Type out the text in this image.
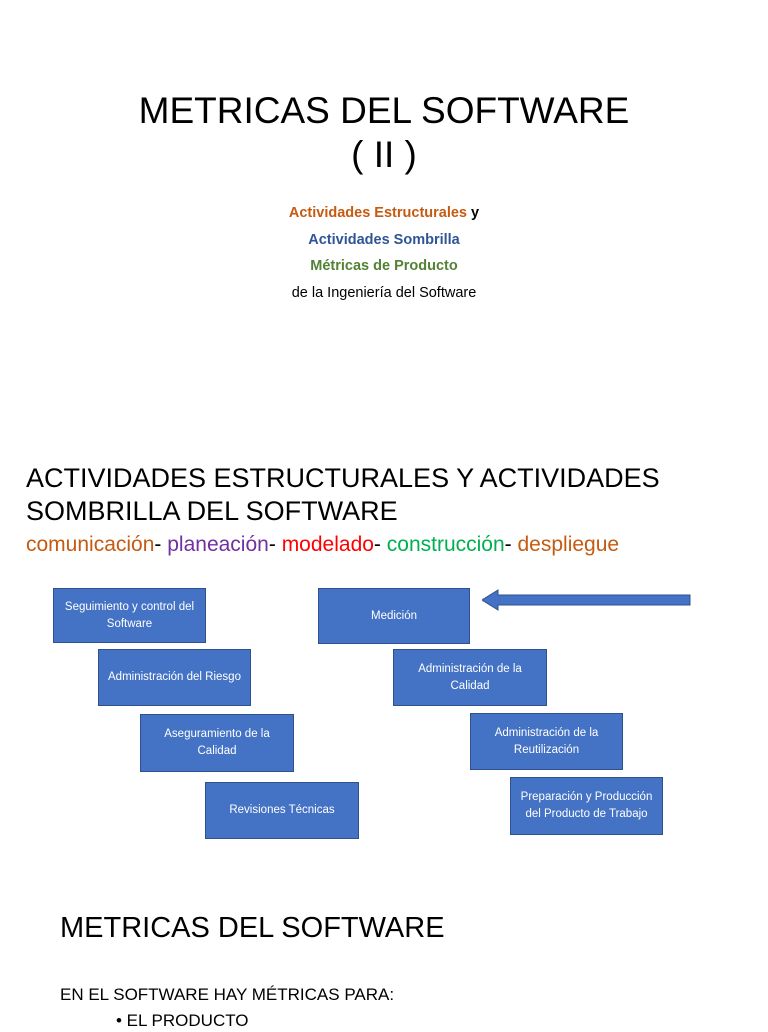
METRICAS DEL SOFTWARE
( II )
Actividades Estructurales y
Actividades Sombrilla
Métricas de Producto
de la Ingeniería del Software
ACTIVIDADES ESTRUCTURALES Y ACTIVIDADES SOMBRILLA DEL SOFTWARE
comunicación- planeación- modelado- construcción- despliegue
Seguimiento y control del Software
Medición
Administración del Riesgo
Administración de la Calidad
Aseguramiento de la Calidad
Administración de la Reutilización
Revisiones Técnicas
Preparación y Producción del Producto de Trabajo
METRICAS DEL SOFTWARE
EN EL SOFTWARE HAY MÉTRICAS PARA:
• EL PRODUCTO
